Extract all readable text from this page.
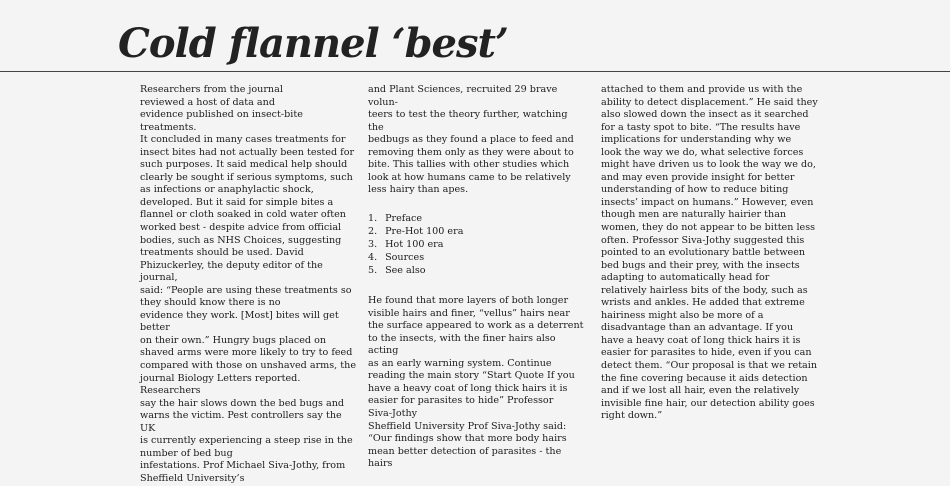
Cold flannel ‘best’

Researchers from the journal
reviewed a host of data and
evidence published on insect-bite treatments.
It concluded in many cases treatments for
insect bites had not actually been tested for
such purposes. It said medical help should
clearly be sought if serious symptoms, such
as infections or anaphylactic shock,
developed. But it said for simple bites a
flannel or cloth soaked in cold water often
worked best - despite advice from official
bodies, such as NHS Choices, suggesting
treatments should be used. David
Phizuckerley, the deputy editor of the journal,
said: “People are using these treatments so
they should know there is no
evidence they work. [Most] bites will get better
on their own.” Hungry bugs placed on
shaved arms were more likely to try to feed
compared with those on unshaved arms, the
journal Biology Letters reported. Researchers
say the hair slows down the bed bugs and
warns the victim. Pest controllers say the UK
is currently experiencing a steep rise in the
number of bed bug
infestations. Prof Michael Siva-Jothy, from
Sheffield University’s

and Plant Sciences, recruited 29 brave volun-
teers to test the theory further, watching the
bedbugs as they found a place to feed and
removing them only as they were about to
bite. This tallies with other studies which
look at how humans came to be relatively
less hairy than apes.

1. Preface
2. Pre-Hot 100 era
3. Hot 100 era
4. Sources
5. See also

He found that more layers of both longer
visible hairs and finer, “vellus” hairs near
the surface appeared to work as a deterrent
to the insects, with the finer hairs also acting
as an early warning system. Continue
reading the main story “Start Quote If you
have a heavy coat of long thick hairs it is
easier for parasites to hide” Professor
Siva-Jothy
Sheffield University Prof Siva-Jothy said:
“Our findings show that more body hairs
mean better detection of parasites - the hairs

attached to them and provide us with the
ability to detect displacement.” He said they
also slowed down the insect as it searched
for a tasty spot to bite. “The results have
implications for understanding why we
look the way we do, what selective forces
might have driven us to look the way we do,
and may even provide insight for better
understanding of how to reduce biting
insects’ impact on humans.” However, even
though men are naturally hairier than
women, they do not appear to be bitten less
often. Professor Siva-Jothy suggested this
pointed to an evolutionary battle between
bed bugs and their prey, with the insects
adapting to automatically head for
relatively hairless bits of the body, such as
wrists and ankles. He added that extreme
hairiness might also be more of a
disadvantage than an advantage. If you
have a heavy coat of long thick hairs it is
easier for parasites to hide, even if you can
detect them. “Our proposal is that we retain
the fine covering because it aids detection
and if we lost all hair, even the relatively
invisible fine hair, our detection ability goes
right down.”
